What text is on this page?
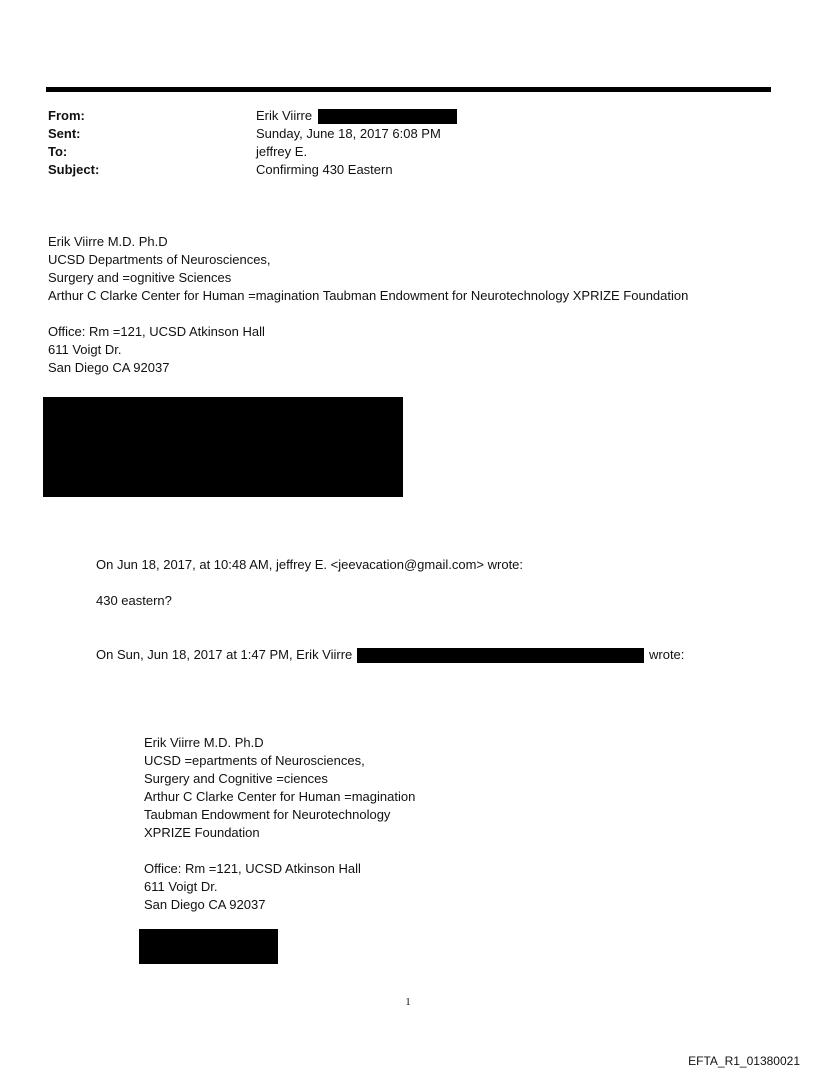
From:	Erik Viirre
Sent:	Sunday, June 18, 2017 6:08 PM
To:	jeffrey E.
Subject:	Confirming 430 Eastern
Erik Viirre M.D. Ph.D
UCSD Departments of Neurosciences,
Surgery and =ognitive Sciences
Arthur C Clarke Center for Human =magination Taubman Endowment for Neurotechnology XPRIZE Foundation
Office: Rm =121, UCSD Atkinson Hall
611 Voigt Dr.
San Diego CA 92037
On Jun 18, 2017, at 10:48 AM, jeffrey E. <jeevacation@gmail.com> wrote:
430 eastern?
On Sun, Jun 18, 2017 at 1:47 PM, Erik Viirre	wrote:
Erik Viirre M.D. Ph.D
UCSD =epartments of Neurosciences,
Surgery and Cognitive =ciences
Arthur C Clarke Center for Human =magination
Taubman Endowment for Neurotechnology
XPRIZE Foundation
Office: Rm =121, UCSD Atkinson Hall
611 Voigt Dr.
San Diego CA 92037
1
EFTA_R1_01380021
